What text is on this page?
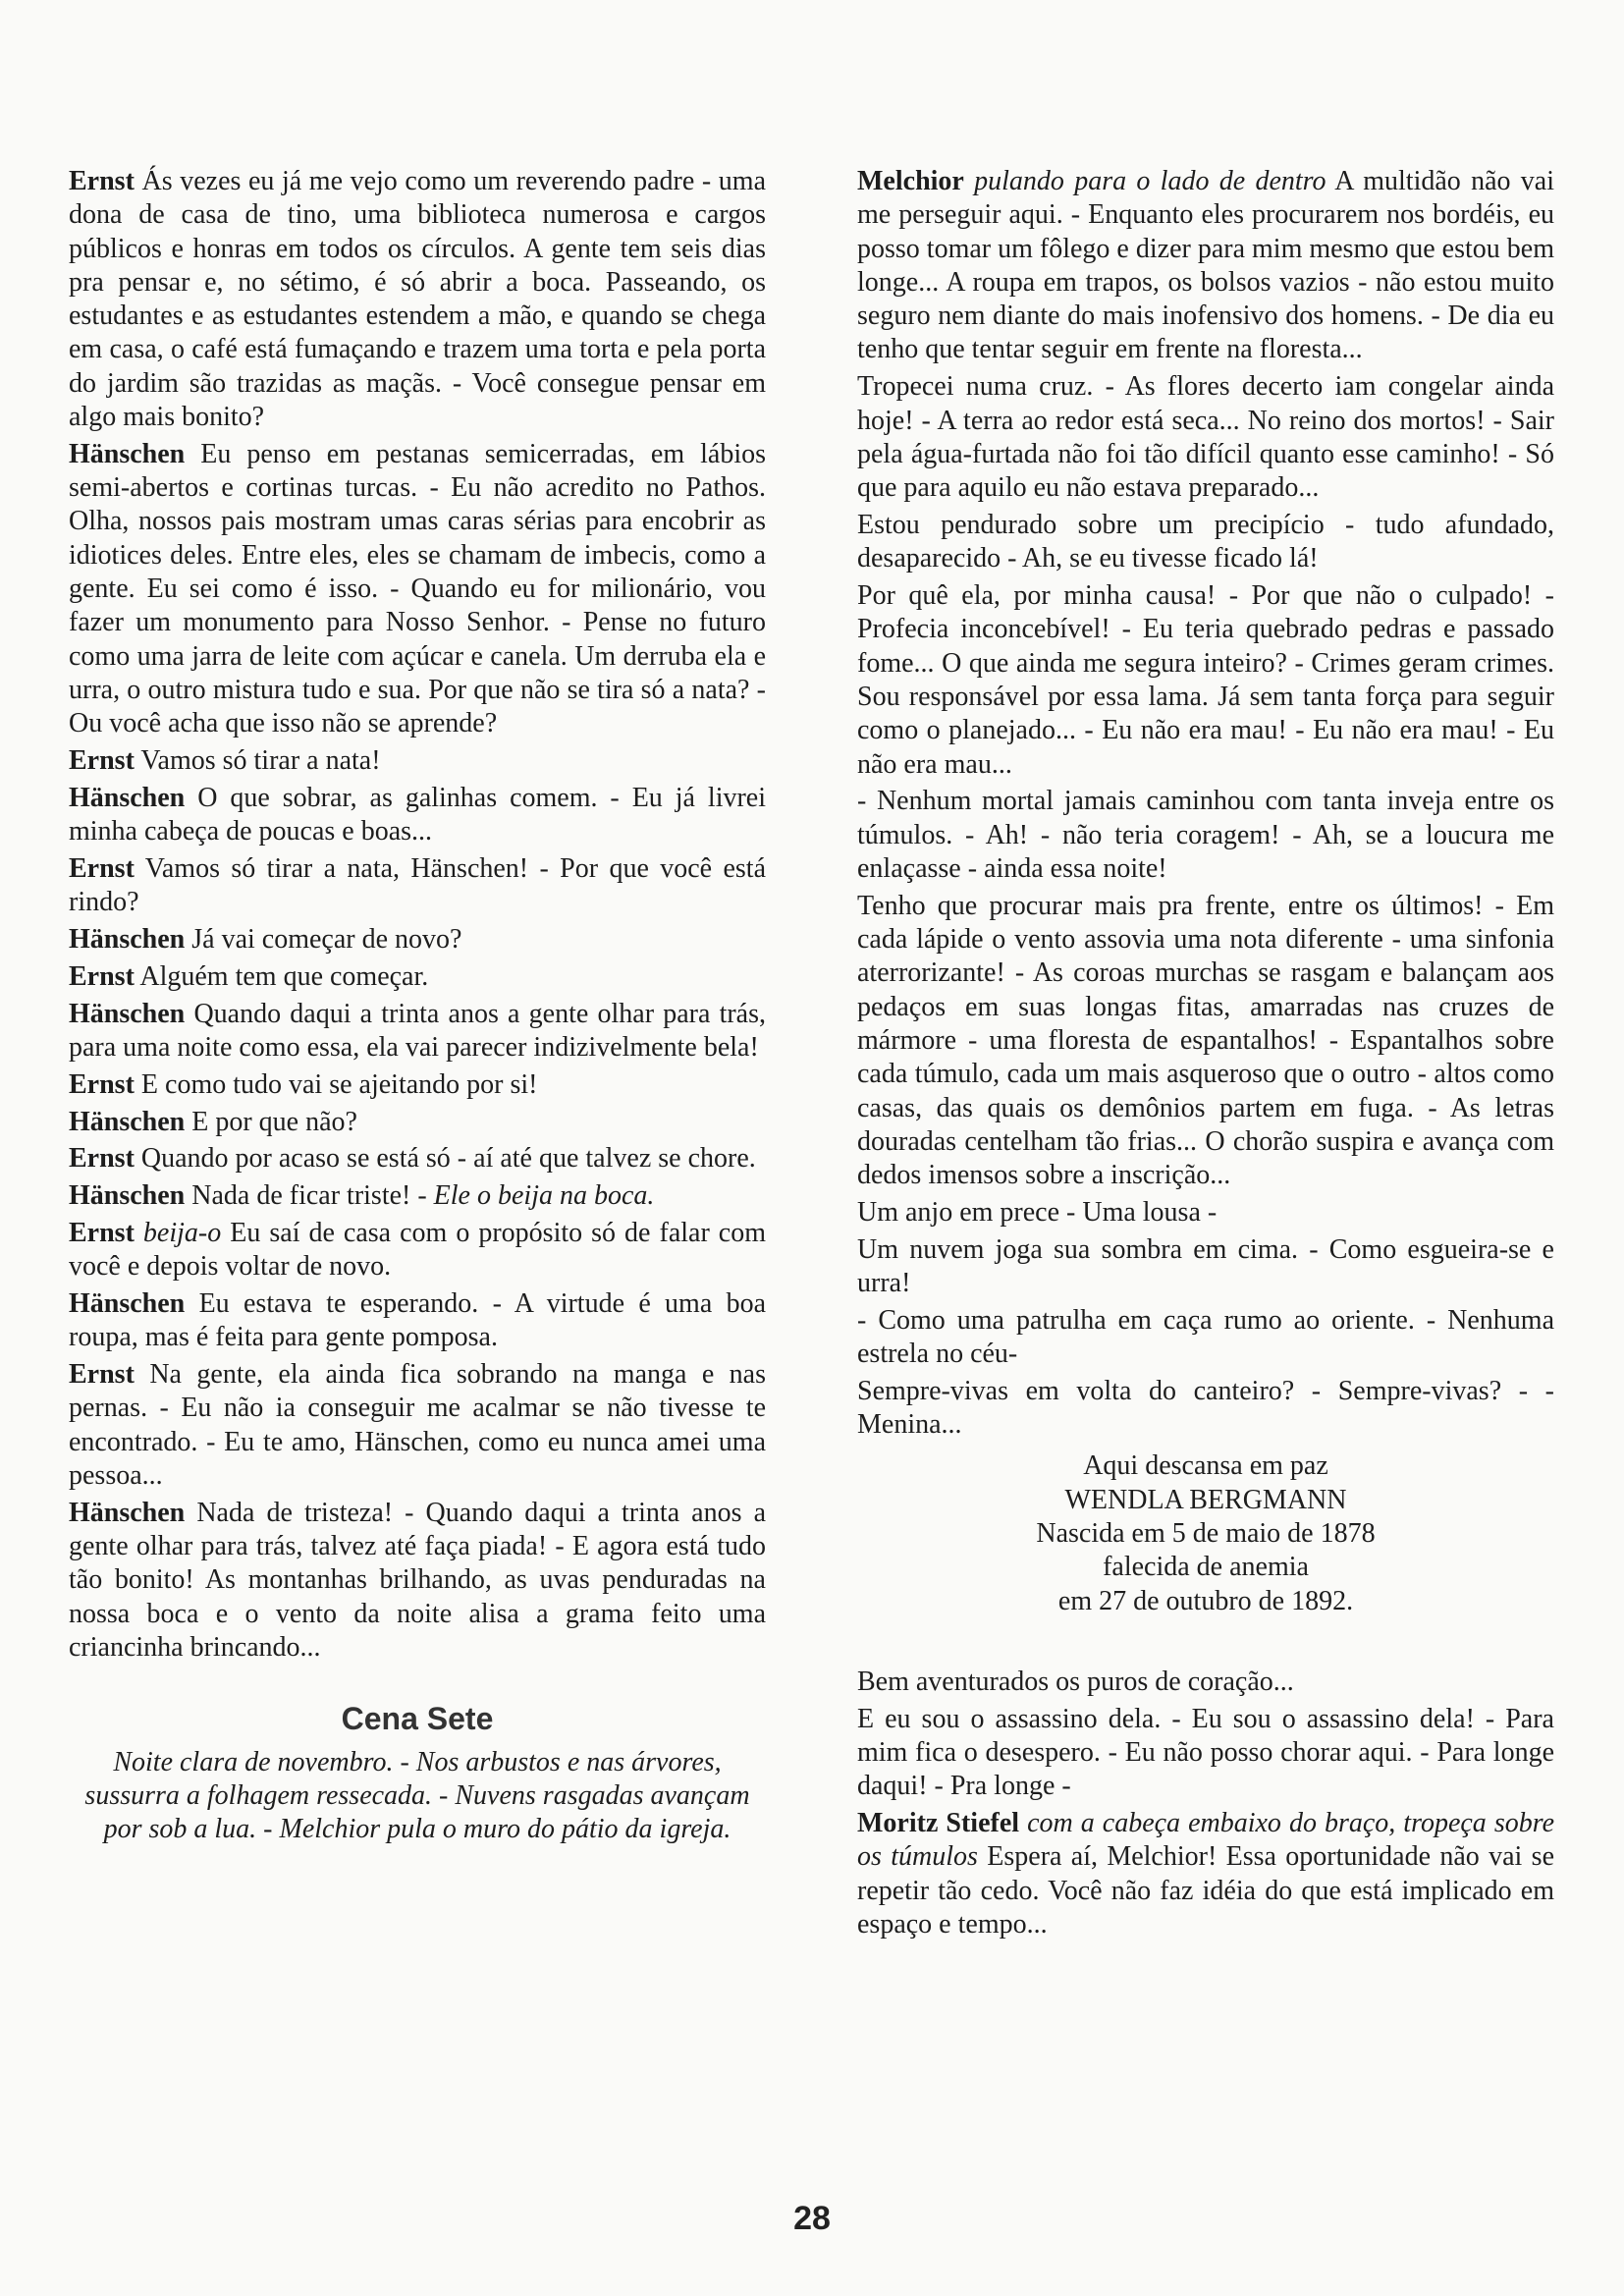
Ernst Ás vezes eu já me vejo como um reverendo padre - uma dona de casa de tino, uma biblioteca numerosa e cargos públicos e honras em todos os círculos. A gente tem seis dias pra pensar e, no sétimo, é só abrir a boca. Passeando, os estudantes e as estudantes estendem a mão, e quando se chega em casa, o café está fumaçando e trazem uma torta e pela porta do jardim são trazidas as maçãs. - Você consegue pensar em algo mais bonito?

Hänschen Eu penso em pestanas semicerradas, em lábios semi-abertos e cortinas turcas. - Eu não acredito no Pathos. Olha, nossos pais mostram umas caras sérias para encobrir as idiotices deles. Entre eles, eles se chamam de imbecis, como a gente. Eu sei como é isso. - Quando eu for milionário, vou fazer um monumento para Nosso Senhor. - Pense no futuro como uma jarra de leite com açúcar e canela. Um derruba ela e urra, o outro mistura tudo e sua. Por que não se tira só a nata? - Ou você acha que isso não se aprende?

Ernst Vamos só tirar a nata!

Hänschen O que sobrar, as galinhas comem. - Eu já livrei minha cabeça de poucas e boas...

Ernst Vamos só tirar a nata, Hänschen! - Por que você está rindo?

Hänschen Já vai começar de novo?

Ernst Alguém tem que começar.

Hänschen Quando daqui a trinta anos a gente olhar para trás, para uma noite como essa, ela vai parecer indizivelmente bela!

Ernst E como tudo vai se ajeitando por si!

Hänschen E por que não?

Ernst Quando por acaso se está só - aí até que talvez se chore.

Hänschen Nada de ficar triste! - Ele o beija na boca.

Ernst beija-o Eu saí de casa com o propósito só de falar com você e depois voltar de novo.

Hänschen Eu estava te esperando. - A virtude é uma boa roupa, mas é feita para gente pomposa.

Ernst Na gente, ela ainda fica sobrando na manga e nas pernas. - Eu não ia conseguir me acalmar se não tivesse te encontrado. - Eu te amo, Hänschen, como eu nunca amei uma pessoa...

Hänschen Nada de tristeza! - Quando daqui a trinta anos a gente olhar para trás, talvez até faça piada! - E agora está tudo tão bonito! As montanhas brilhando, as uvas penduradas na nossa boca e o vento da noite alisa a grama feito uma criancinha brincando...

Cena Sete

Noite clara de novembro. - Nos arbustos e nas árvores, sussurra a folhagem ressecada. - Nuvens rasgadas avançam por sob a lua. - Melchior pula o muro do pátio da igreja.

Melchior pulando para o lado de dentro A multidão não vai me perseguir aqui. - Enquanto eles procurarem nos bordéis, eu posso tomar um fôlego e dizer para mim mesmo que estou bem longe... A roupa em trapos, os bolsos vazios - não estou muito seguro nem diante do mais inofensivo dos homens. - De dia eu tenho que tentar seguir em frente na floresta...

Tropecei numa cruz. - As flores decerto iam congelar ainda hoje! - A terra ao redor está seca... No reino dos mortos! - Sair pela água-furtada não foi tão difícil quanto esse caminho! - Só que para aquilo eu não estava preparado...

Estou pendurado sobre um precipício - tudo afundado, desaparecido - Ah, se eu tivesse ficado lá!

Por quê ela, por minha causa! - Por que não o culpado! - Profecia inconcebível! - Eu teria quebrado pedras e passado fome... O que ainda me segura inteiro? - Crimes geram crimes. Sou responsável por essa lama. Já sem tanta força para seguir como o planejado... - Eu não era mau! - Eu não era mau! - Eu não era mau...

- Nenhum mortal jamais caminhou com tanta inveja entre os túmulos. - Ah! - não teria coragem! - Ah, se a loucura me enlaçasse - ainda essa noite!

Tenho que procurar mais pra frente, entre os últimos! - Em cada lápide o vento assovia uma nota diferente - uma sinfonia aterrorizante! - As coroas murchas se rasgam e balançam aos pedaços em suas longas fitas, amarradas nas cruzes de mármore - uma floresta de espantalhos! - Espantalhos sobre cada túmulo, cada um mais asqueroso que o outro - altos como casas, das quais os demônios partem em fuga. - As letras douradas centelham tão frias... O chorão suspira e avança com dedos imensos sobre a inscrição...

Um anjo em prece - Uma lousa -

Um nuvem joga sua sombra em cima. - Como esgueira-se e urra!

- Como uma patrulha em caça rumo ao oriente. - Nenhuma estrela no céu-

Sempre-vivas em volta do canteiro? - Sempre-vivas? - - Menina...

Aqui descansa em paz
WENDLA BERGMANN
Nascida em 5 de maio de 1878
falecida de anemia
em 27 de outubro de 1892.

Bem aventurados os puros de coração...

E eu sou o assassino dela. - Eu sou o assassino dela! - Para mim fica o desespero. - Eu não posso chorar aqui. - Para longe daqui! - Pra longe -

Moritz Stiefel com a cabeça embaixo do braço, tropeça sobre os túmulos Espera aí, Melchior! Essa oportunidade não vai se repetir tão cedo. Você não faz idéia do que está implicado em espaço e tempo...

28
